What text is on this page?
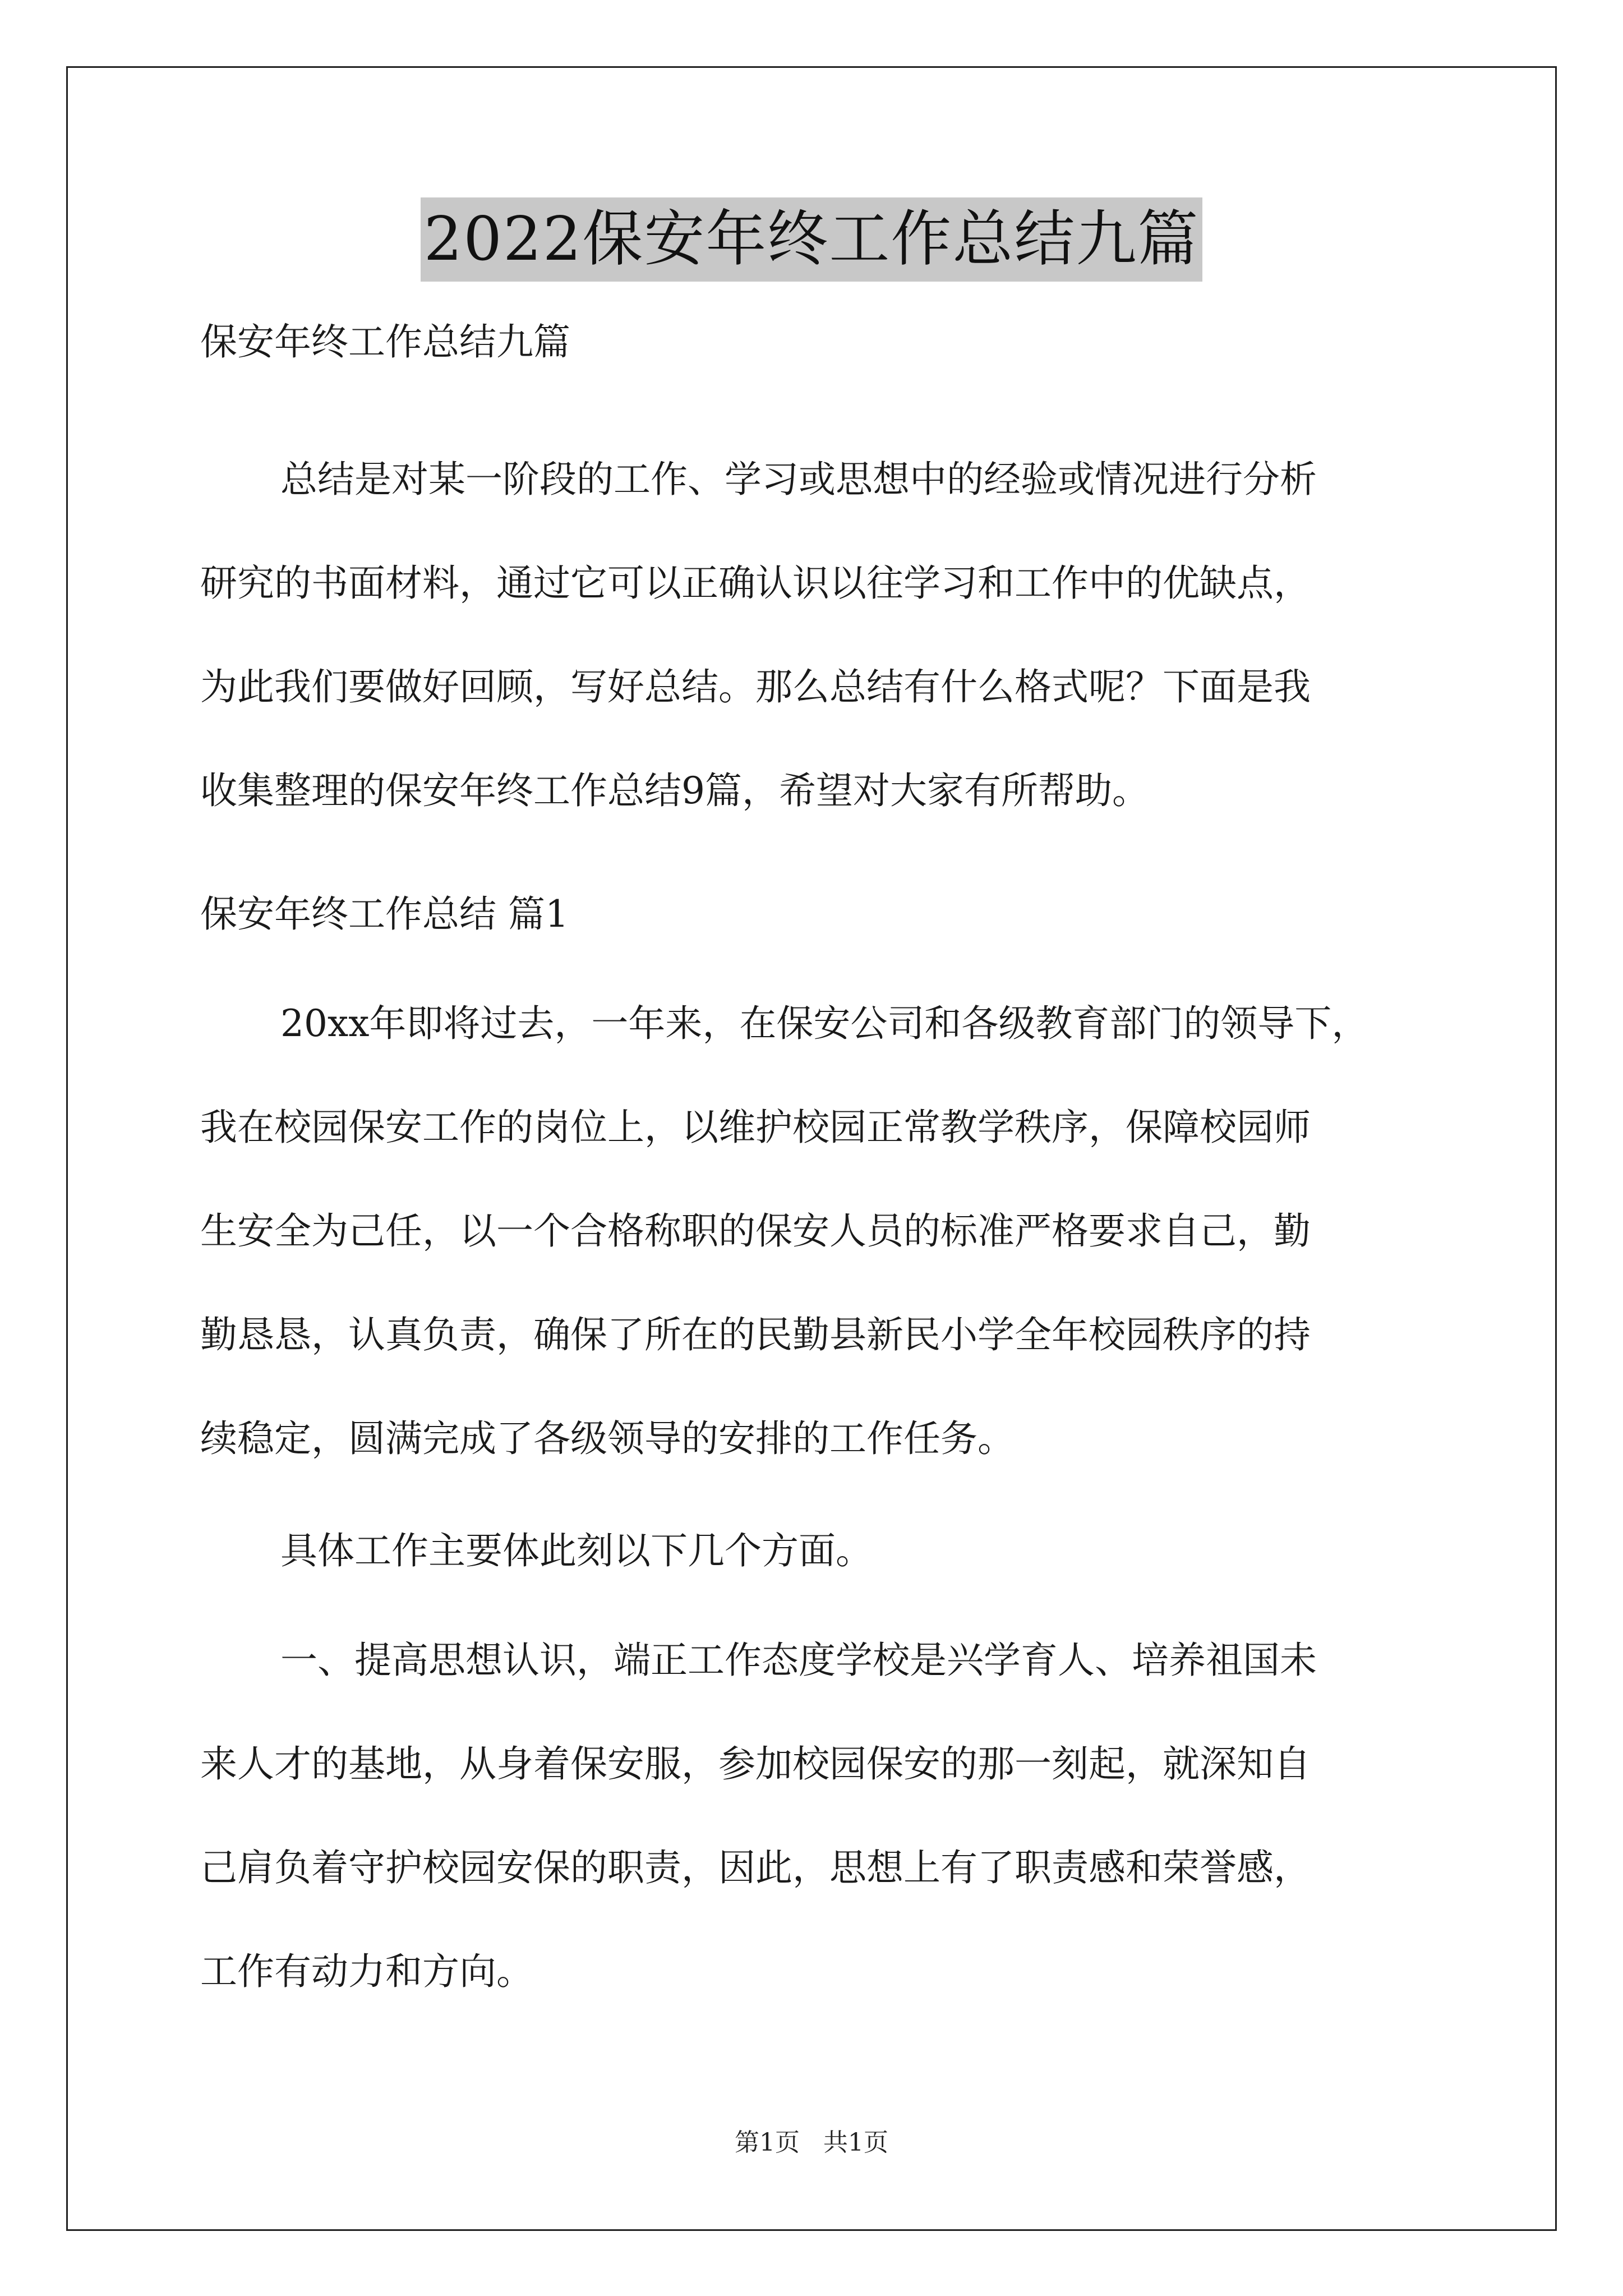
2022保安年终工作总结九篇
保安年终工作总结九篇
总结是对某一阶段的工作、学习或思想中的经验或情况进行分析
研究的书面材料，通过它可以正确认识以往学习和工作中的优缺点，
为此我们要做好回顾，写好总结。那么总结有什么格式呢？下面是我
收集整理的保安年终工作总结9篇，希望对大家有所帮助。
保安年终工作总结 篇1
20xx年即将过去，一年来，在保安公司和各级教育部门的领导下，
我在校园保安工作的岗位上，以维护校园正常教学秩序，保障校园师
生安全为己任，以一个合格称职的保安人员的标准严格要求自己，勤
勤恳恳，认真负责，确保了所在的民勤县新民小学全年校园秩序的持
续稳定，圆满完成了各级领导的安排的工作任务。
具体工作主要体此刻以下几个方面。
一、提高思想认识，端正工作态度学校是兴学育人、培养祖国未
来人才的基地，从身着保安服，参加校园保安的那一刻起，就深知自
己肩负着守护校园安保的职责，因此，思想上有了职责感和荣誉感，
工作有动力和方向。
第1页 共1页
